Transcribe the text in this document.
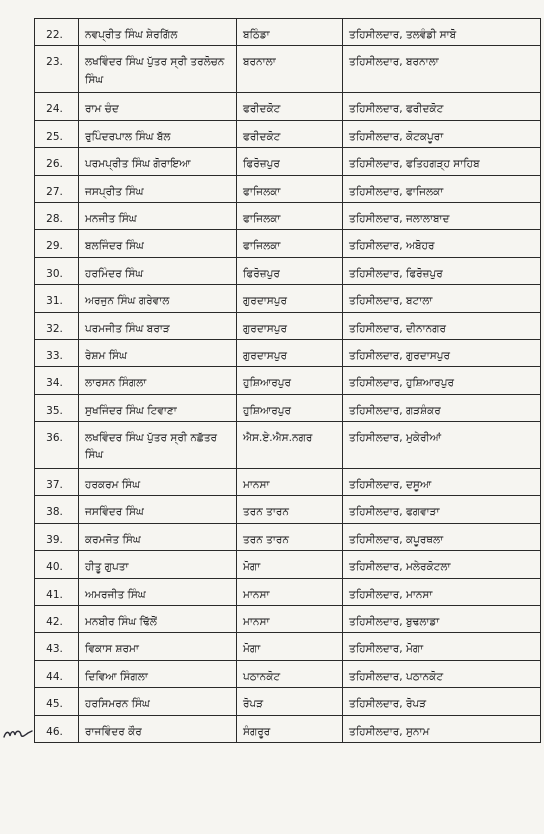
22.	ਨਵਪ੍ਰੀਤ ਸਿੰਘ ਸ਼ੇਰਗਿੱਲ	ਬਠਿੰਡਾ	ਤਹਿਸੀਲਦਾਰ, ਤਲਵੰਡੀ ਸਾਬੋ
23.	ਲਖਵਿੰਦਰ ਸਿੰਘ ਪੁੱਤਰ ਸ੍ਰੀ ਤਰਲੋਚਨ ਸਿੰਘ	ਬਰਨਾਲਾ	ਤਹਿਸੀਲਦਾਰ, ਬਰਨਾਲਾ
24.	ਰਾਮ ਚੰਦ	ਫਰੀਦਕੋਟ	ਤਹਿਸੀਲਦਾਰ, ਫਰੀਦਕੋਟ
25.	ਰੁਪਿੰਦਰਪਾਲ ਸਿੰਘ ਬੱਲ	ਫਰੀਦਕੋਟ	ਤਹਿਸੀਲਦਾਰ, ਕੋਟਕਪੂਰਾ
26.	ਪਰਮਪ੍ਰੀਤ ਸਿੰਘ ਗੋਰਾਇਆ	ਫਿਰੋਜ਼ਪੁਰ	ਤਹਿਸੀਲਦਾਰ, ਫਤਿਹਗੜ੍ਹ ਸਾਹਿਬ
27.	ਜਸਪ੍ਰੀਤ ਸਿੰਘ	ਫਾਜਿਲਕਾ	ਤਹਿਸੀਲਦਾਰ, ਫਾਜਿਲਕਾ
28.	ਮਨਜੀਤ ਸਿੰਘ	ਫਾਜਿਲਕਾ	ਤਹਿਸੀਲਦਾਰ, ਜਲਾਲਾਬਾਦ
29.	ਬਲਜਿੰਦਰ ਸਿੰਘ	ਫਾਜਿਲਕਾ	ਤਹਿਸੀਲਦਾਰ, ਅਬੋਹਰ
30.	ਹਰਮਿੰਦਰ ਸਿੰਘ	ਫਿਰੋਜ਼ਪੁਰ	ਤਹਿਸੀਲਦਾਰ, ਫਿਰੋਜ਼ਪੁਰ
31.	ਅਰਜੁਨ ਸਿੰਘ ਗਰੇਵਾਲ	ਗੁਰਦਾਸਪੁਰ	ਤਹਿਸੀਲਦਾਰ, ਬਟਾਲਾ
32.	ਪਰਮਜੀਤ ਸਿੰਘ ਬਰਾੜ	ਗੁਰਦਾਸਪੁਰ	ਤਹਿਸੀਲਦਾਰ, ਦੀਨਾਨਗਰ
33.	ਰੇਸ਼ਮ ਸਿੰਘ	ਗੁਰਦਾਸਪੁਰ	ਤਹਿਸੀਲਦਾਰ, ਗੁਰਦਾਸਪੁਰ
34.	ਲਾਰਸਨ ਸਿੰਗਲਾ	ਹੁਸ਼ਿਆਰਪੁਰ	ਤਹਿਸੀਲਦਾਰ, ਹੁਸ਼ਿਆਰਪੁਰ
35.	ਸੁਖਜਿੰਦਰ ਸਿੰਘ ਟਿਵਾਣਾ	ਹੁਸ਼ਿਆਰਪੁਰ	ਤਹਿਸੀਲਦਾਰ, ਗੜਸ਼ੰਕਰ
36.	ਲਖਵਿੰਦਰ ਸਿੰਘ ਪੁੱਤਰ ਸ੍ਰੀ ਨਛੱਤਰ ਸਿੰਘ	ਐਸ.ਏ.ਐਸ.ਨਗਰ	ਤਹਿਸੀਲਦਾਰ, ਮੁਕੇਰੀਆਂ
37.	ਹਰਕਰਮ ਸਿੰਘ	ਮਾਨਸਾ	ਤਹਿਸੀਲਦਾਰ, ਦਸੂਆ
38.	ਜਸਵਿੰਦਰ ਸਿੰਘ	ਤਰਨ ਤਾਰਨ	ਤਹਿਸੀਲਦਾਰ, ਫਗਵਾੜਾ
39.	ਕਰਮਜੋਤ ਸਿੰਘ	ਤਰਨ ਤਾਰਨ	ਤਹਿਸੀਲਦਾਰ, ਕਪੂਰਥਲਾ
40.	ਹੀਤੂ ਗੁਪਤਾ	ਮੋਗਾ	ਤਹਿਸੀਲਦਾਰ, ਮਲੇਰਕੋਟਲਾ
41.	ਅਮਰਜੀਤ ਸਿੰਘ	ਮਾਨਸਾ	ਤਹਿਸੀਲਦਾਰ, ਮਾਨਸਾ
42.	ਮਨਬੀਰ ਸਿੰਘ ਢਿੱਲੋਂ	ਮਾਨਸਾ	ਤਹਿਸੀਲਦਾਰ, ਬੁਢਲਾਡਾ
43.	ਵਿਕਾਸ ਸ਼ਰਮਾ	ਮੋਗਾ	ਤਹਿਸੀਲਦਾਰ, ਮੋਗਾ
44.	ਦਿਵਿਆ ਸਿੰਗਲਾ	ਪਠਾਨਕੋਟ	ਤਹਿਸੀਲਦਾਰ, ਪਠਾਨਕੋਟ
45.	ਹਰਸਿਮਰਨ ਸਿੰਘ	ਰੋਪੜ	ਤਹਿਸੀਲਦਾਰ, ਰੋਪੜ
46.	ਰਾਜਵਿੰਦਰ ਕੌਰ	ਸੰਗਰੂਰ	ਤਹਿਸੀਲਦਾਰ, ਸੁਨਾਮ
